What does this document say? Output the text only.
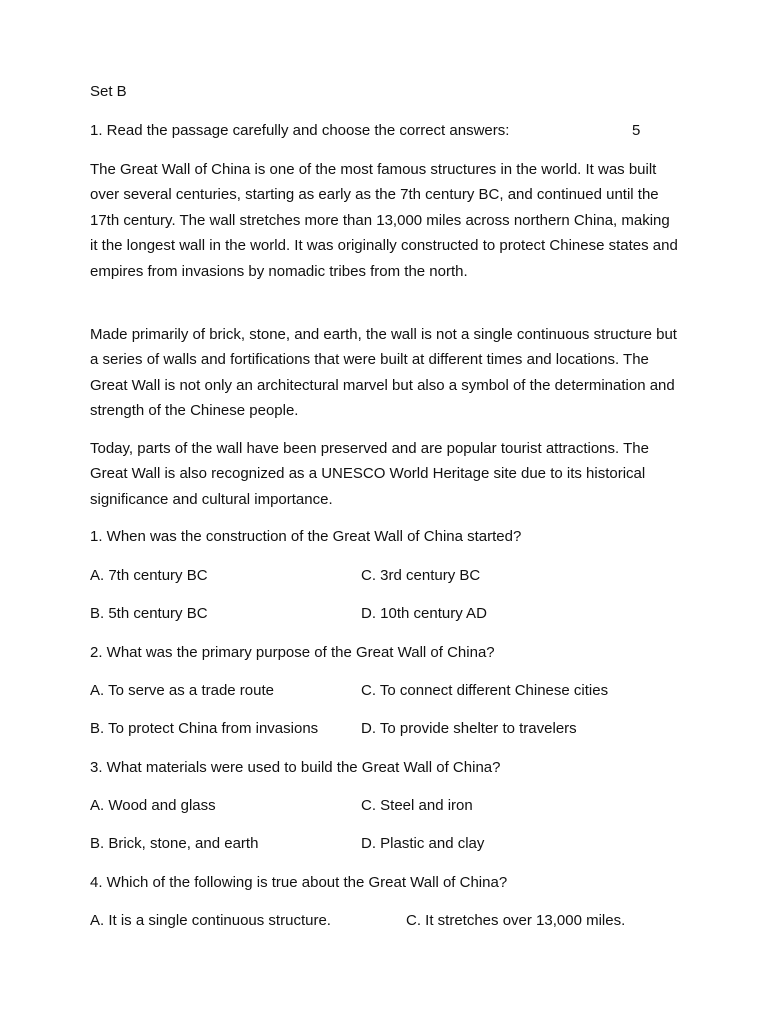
Set B
1. Read the passage carefully and choose the correct answers:	5
The Great Wall of China is one of the most famous structures in the world. It was built over several centuries, starting as early as the 7th century BC, and continued until the 17th century. The wall stretches more than 13,000 miles across northern China, making it the longest wall in the world. It was originally constructed to protect Chinese states and empires from invasions by nomadic tribes from the north.
Made primarily of brick, stone, and earth, the wall is not a single continuous structure but a series of walls and fortifications that were built at different times and locations. The Great Wall is not only an architectural marvel but also a symbol of the determination and strength of the Chinese people.
Today, parts of the wall have been preserved and are popular tourist attractions. The Great Wall is also recognized as a UNESCO World Heritage site due to its historical significance and cultural importance.
1. When was the construction of the Great Wall of China started?
A. 7th century BC	C. 3rd century BC
B. 5th century BC	D. 10th century AD
2. What was the primary purpose of the Great Wall of China?
A. To serve as a trade route	C. To connect different Chinese cities
B. To protect China from invasions	D. To provide shelter to travelers
3. What materials were used to build the Great Wall of China?
A. Wood and glass	C. Steel and iron
B. Brick, stone, and earth	D. Plastic and clay
4. Which of the following is true about the Great Wall of China?
A. It is a single continuous structure.	C. It stretches over 13,000 miles.
